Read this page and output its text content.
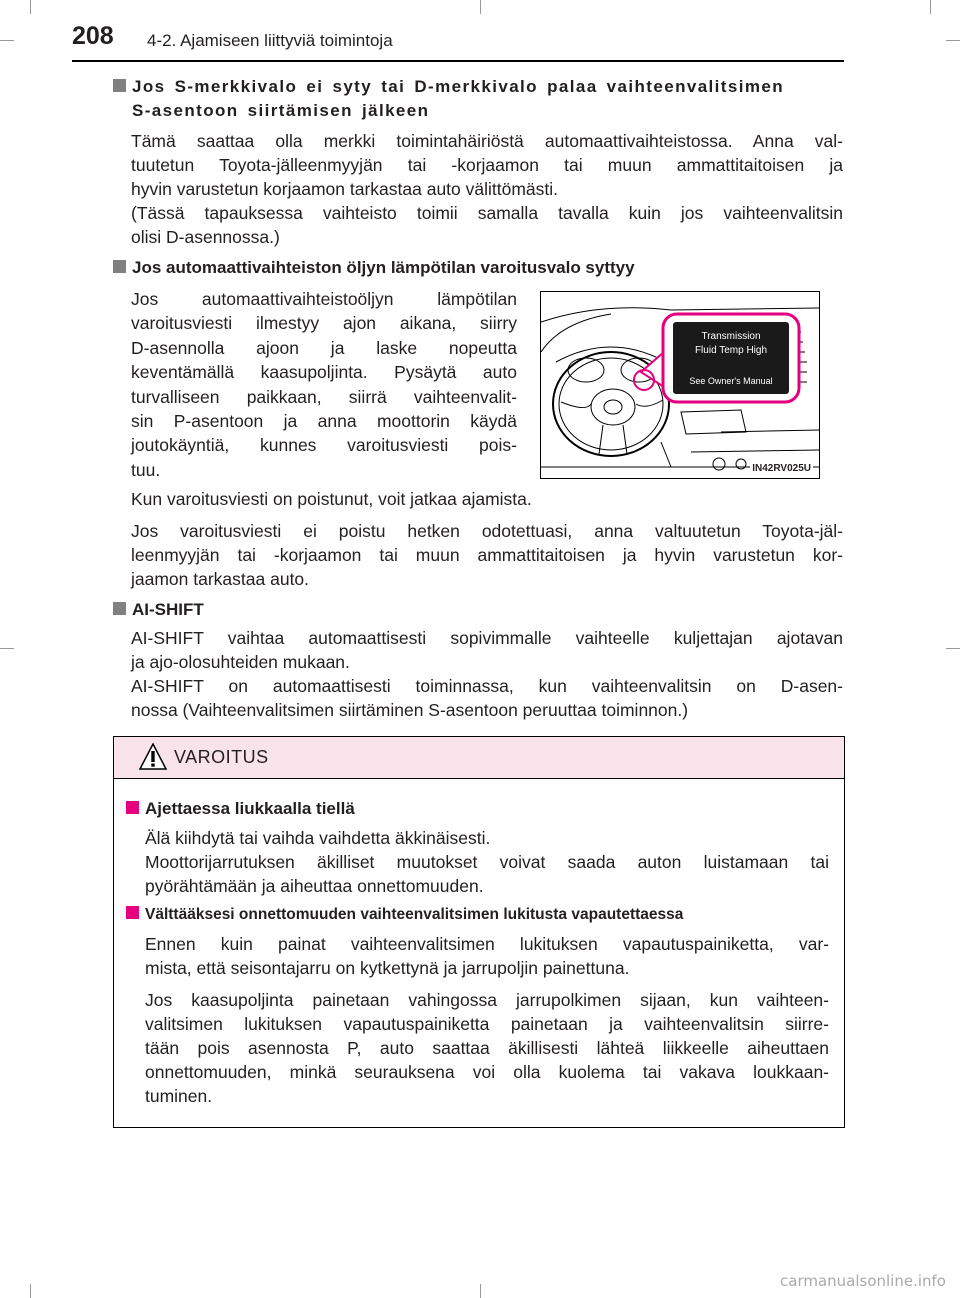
208 4-2. Ajamiseen liittyviä toimintoja
Jos S-merkkivalo ei syty tai D-merkkivalo palaa vaihteenvalitsimen
S-asentoon siirtämisen jälkeen
Tämä saattaa olla merkki toimintahäiriöstä automaattivaihteistossa. Anna val-
tuutetun Toyota-jälleenmyyjän tai -korjaamon tai muun ammattitaitoisen ja
hyvin varustetun korjaamon tarkastaa auto välittömästi.
(Tässä tapauksessa vaihteisto toimii samalla tavalla kuin jos vaihteenvalitsin
olisi D-asennossa.)
Jos automaattivaihteiston öljyn lämpötilan varoitusvalo syttyy
Jos automaattivaihteistoöljyn lämpötilan
varoitusviesti ilmestyy ajon aikana, siirry
D-asennolla ajoon ja laske nopeutta
keventämällä kaasupoljinta. Pysäytä auto
turvalliseen paikkaan, siirrä vaihteenvalit-
sin P-asentoon ja anna moottorin käydä
joutokäyntiä, kunnes varoitusviesti pois-
tuu.
Transmission
Fluid Temp High
See Owner's Manual
IN42RV025U
Kun varoitusviesti on poistunut, voit jatkaa ajamista.
Jos varoitusviesti ei poistu hetken odotettuasi, anna valtuutetun Toyota-jäl-
leenmyyjän tai -korjaamon tai muun ammattitaitoisen ja hyvin varustetun kor-
jaamon tarkastaa auto.
AI-SHIFT
AI-SHIFT vaihtaa automaattisesti sopivimmalle vaihteelle kuljettajan ajotavan
ja ajo-olosuhteiden mukaan.
AI-SHIFT on automaattisesti toiminnassa, kun vaihteenvalitsin on D-asen-
nossa (Vaihteenvalitsimen siirtäminen S-asentoon peruuttaa toiminnon.)
VAROITUS
Ajettaessa liukkaalla tiellä
Älä kiihdytä tai vaihda vaihdetta äkkinäisesti.
Moottorijarrutuksen äkilliset muutokset voivat saada auton luistamaan tai
pyörähtämään ja aiheuttaa onnettomuuden.
Välttääksesi onnettomuuden vaihteenvalitsimen lukitusta vapautettaessa
Ennen kuin painat vaihteenvalitsimen lukituksen vapautuspainiketta, var-
mista, että seisontajarru on kytkettynä ja jarrupoljin painettuna.
Jos kaasupoljinta painetaan vahingossa jarrupolkimen sijaan, kun vaihteen-
valitsimen lukituksen vapautuspainiketta painetaan ja vaihteenvalitsin siirre-
tään pois asennosta P, auto saattaa äkillisesti lähteä liikkeelle aiheuttaen
onnettomuuden, minkä seurauksena voi olla kuolema tai vakava loukkaan-
tuminen.
carmanualsonline.info
